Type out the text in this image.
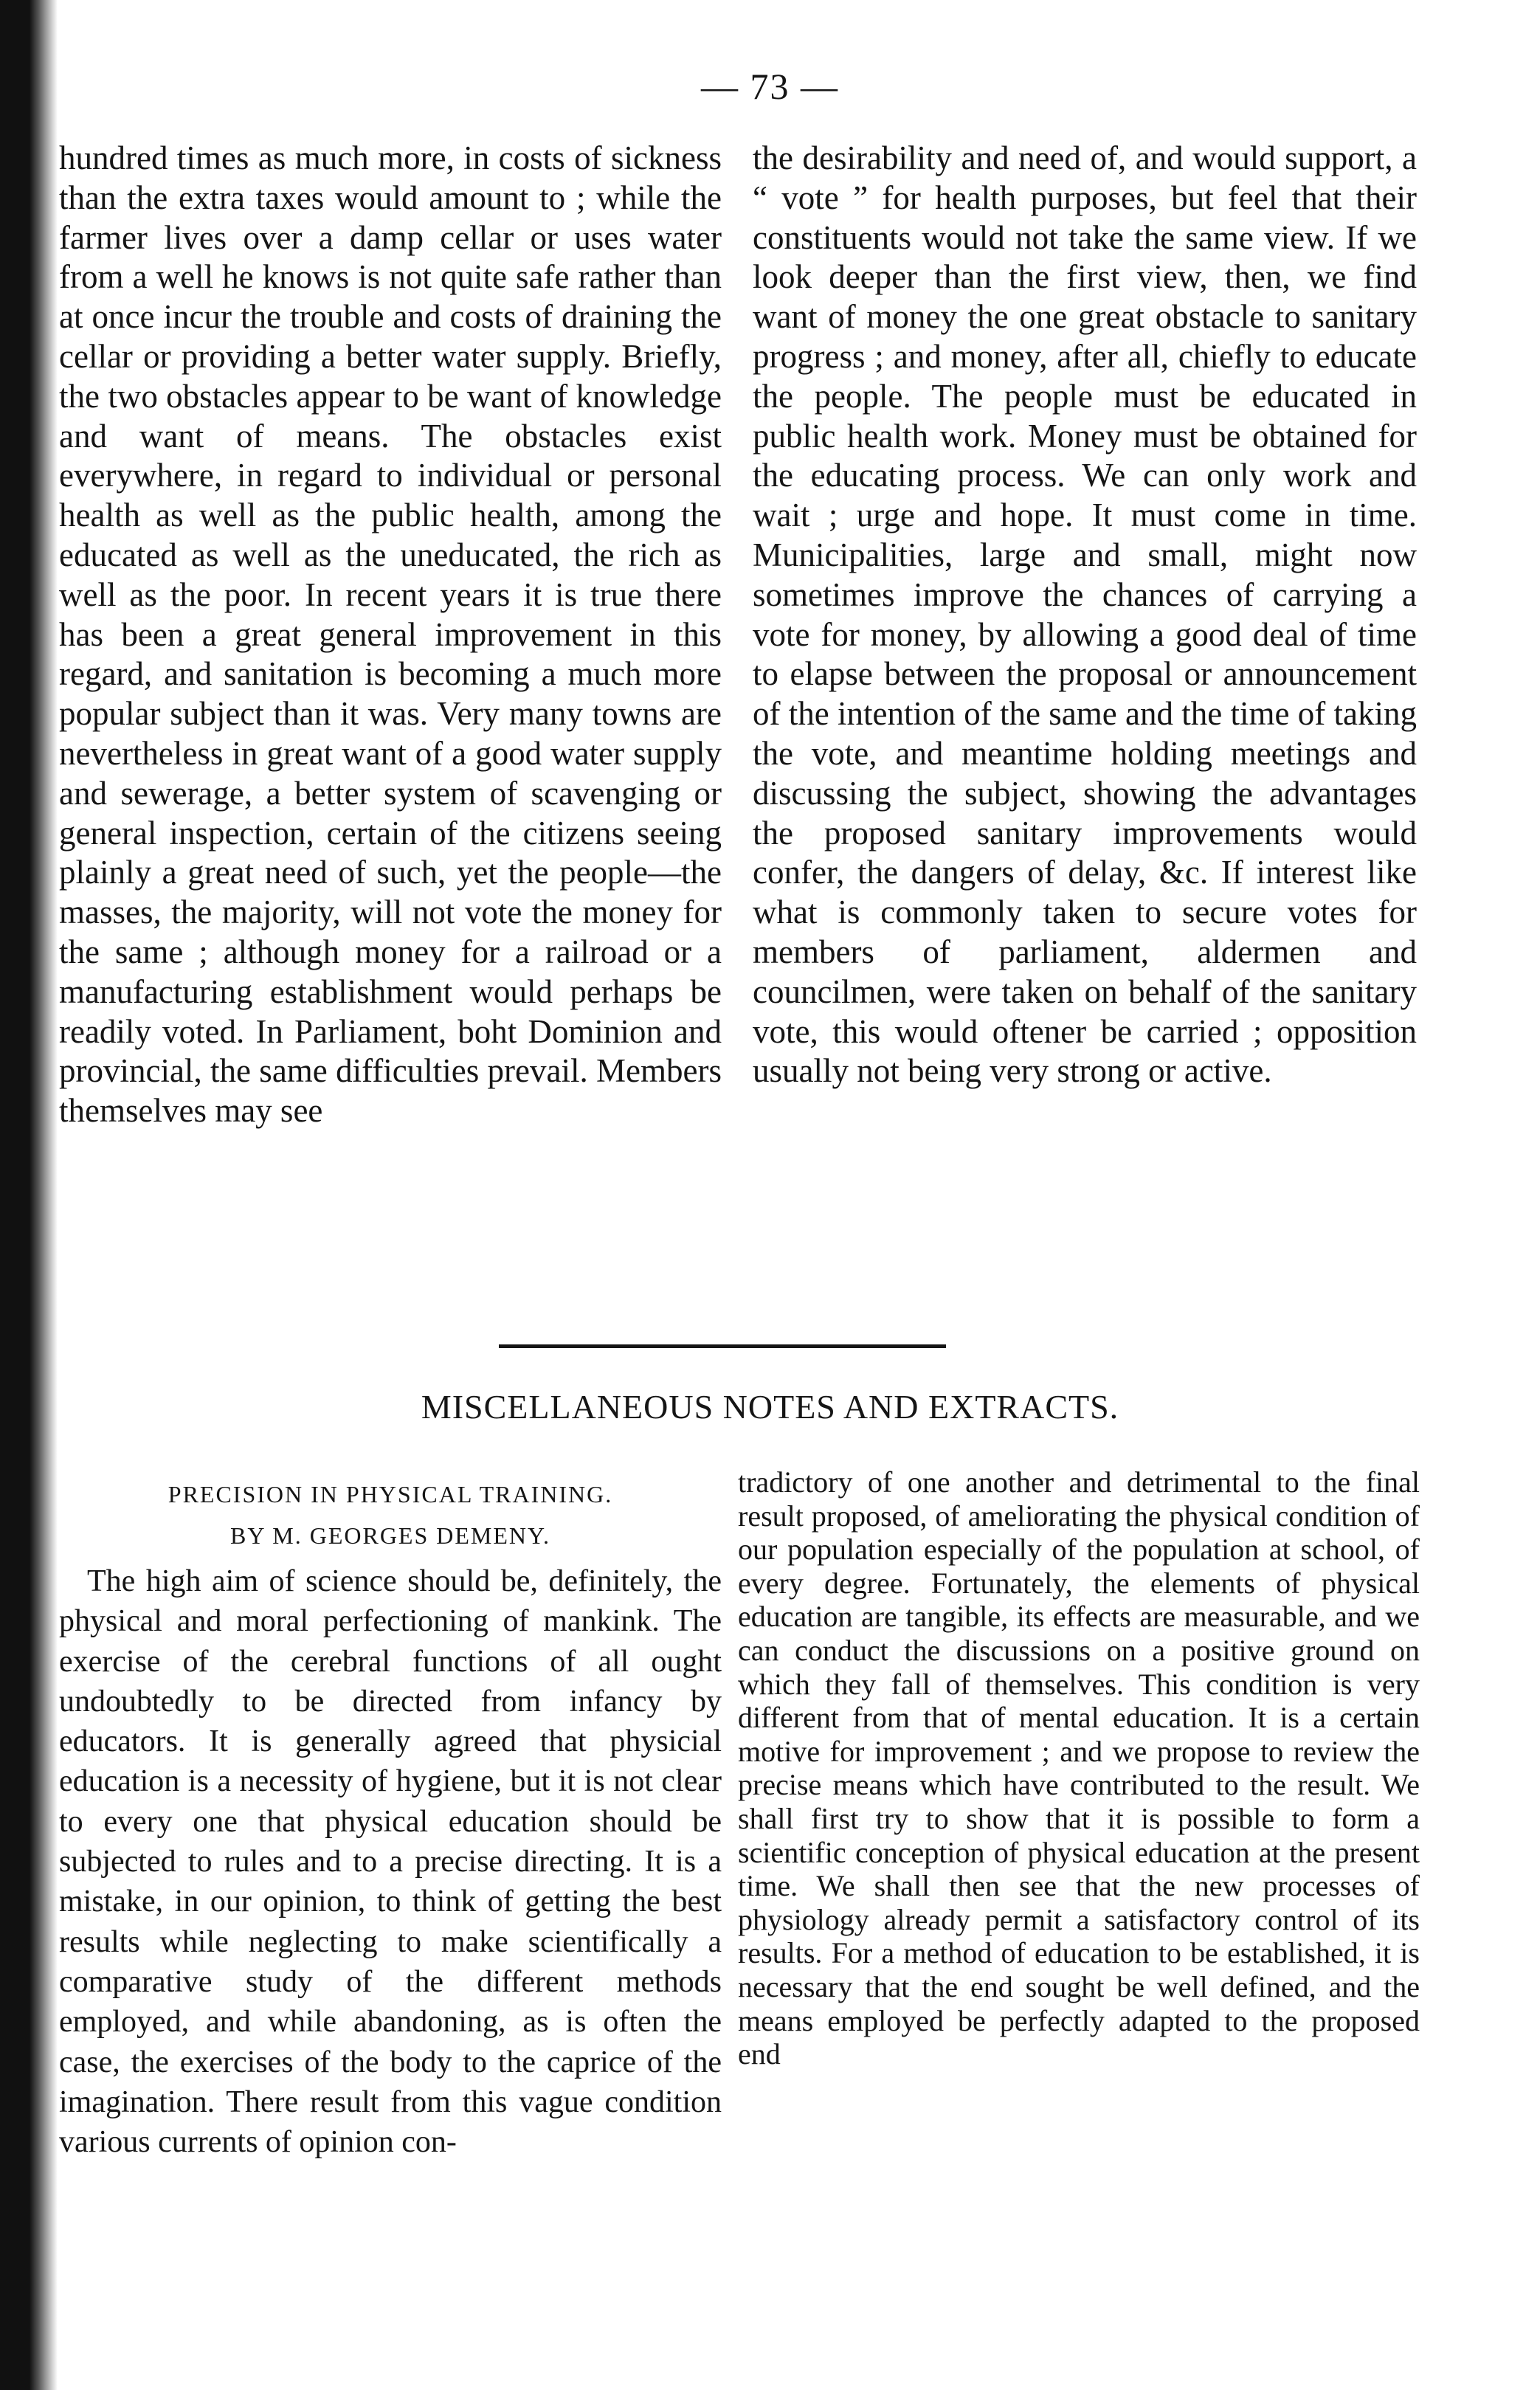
— 73 —

hundred times as much more, in costs of sickness than the extra taxes would amount to ; while the farmer lives over a damp cellar or uses water from a well he knows is not quite safe rather than at once incur the trouble and costs of draining the cellar or providing a better water supply. Briefly, the two obstacles appear to be want of knowledge and want of means. The obstacles exist everywhere, in regard to individual or personal health as well as the public health, among the educated as well as the uneducated, the rich as well as the poor. In recent years it is true there has been a great general improvement in this regard, and sanitation is becoming a much more popular subject than it was. Very many towns are nevertheless in great want of a good water supply and sewerage, a better system of scavenging or general inspection, certain of the citizens seeing plainly a great need of such, yet the people—the masses, the majority, will not vote the money for the same ; although money for a railroad or a manufacturing establishment would perhaps be readily voted. In Parliament, boht Dominion and provincial, the same difficulties prevail. Members themselves may see

the desirability and need of, and would support, a “ vote ” for health purposes, but feel that their constituents would not take the same view. If we look deeper than the first view, then, we find want of money the one great obstacle to sanitary progress ; and money, after all, chiefly to educate the people. The people must be educated in public health work. Money must be obtained for the educating process. We can only work and wait ; urge and hope. It must come in time. Municipalities, large and small, might now sometimes improve the chances of carrying a vote for money, by allowing a good deal of time to elapse between the proposal or announcement of the intention of the same and the time of taking the vote, and meantime holding meetings and discussing the subject, showing the advantages the proposed sanitary improvements would confer, the dangers of delay, &c. If interest like what is commonly taken to secure votes for members of parliament, aldermen and councilmen, were taken on behalf of the sanitary vote, this would oftener be carried ; opposition usually not being very strong or active.

MISCELLANEOUS NOTES AND EXTRACTS.
PRECISION IN PHYSICAL TRAINING.
BY M. GEORGES DEMENY.

The high aim of science should be, definitely, the physical and moral perfectioning of mankink. The exercise of the cerebral functions of all ought undoubtedly to be directed from infancy by educators. It is generally agreed that physicial education is a necessity of hygiene, but it is not clear to every one that physical education should be subjected to rules and to a precise directing. It is a mistake, in our opinion, to think of getting the best results while neglecting to make scientifically a comparative study of the different methods employed, and while abandoning, as is often the case, the exercises of the body to the caprice of the imagination. There result from this vague condition various currents of opinion con-

tradictory of one another and detrimental to the final result proposed, of ameliorating the physical condition of our population especially of the population at school, of every degree. Fortunately, the elements of physical education are tangible, its effects are measurable, and we can conduct the discussions on a positive ground on which they fall of themselves. This condition is very different from that of mental education. It is a certain motive for improvement ; and we propose to review the precise means which have contributed to the result. We shall first try to show that it is possible to form a scientific conception of physical education at the present time. We shall then see that the new processes of physiology already permit a satisfactory control of its results. For a method of education to be established, it is necessary that the end sought be well defined, and the means employed be perfectly adapted to the proposed end
